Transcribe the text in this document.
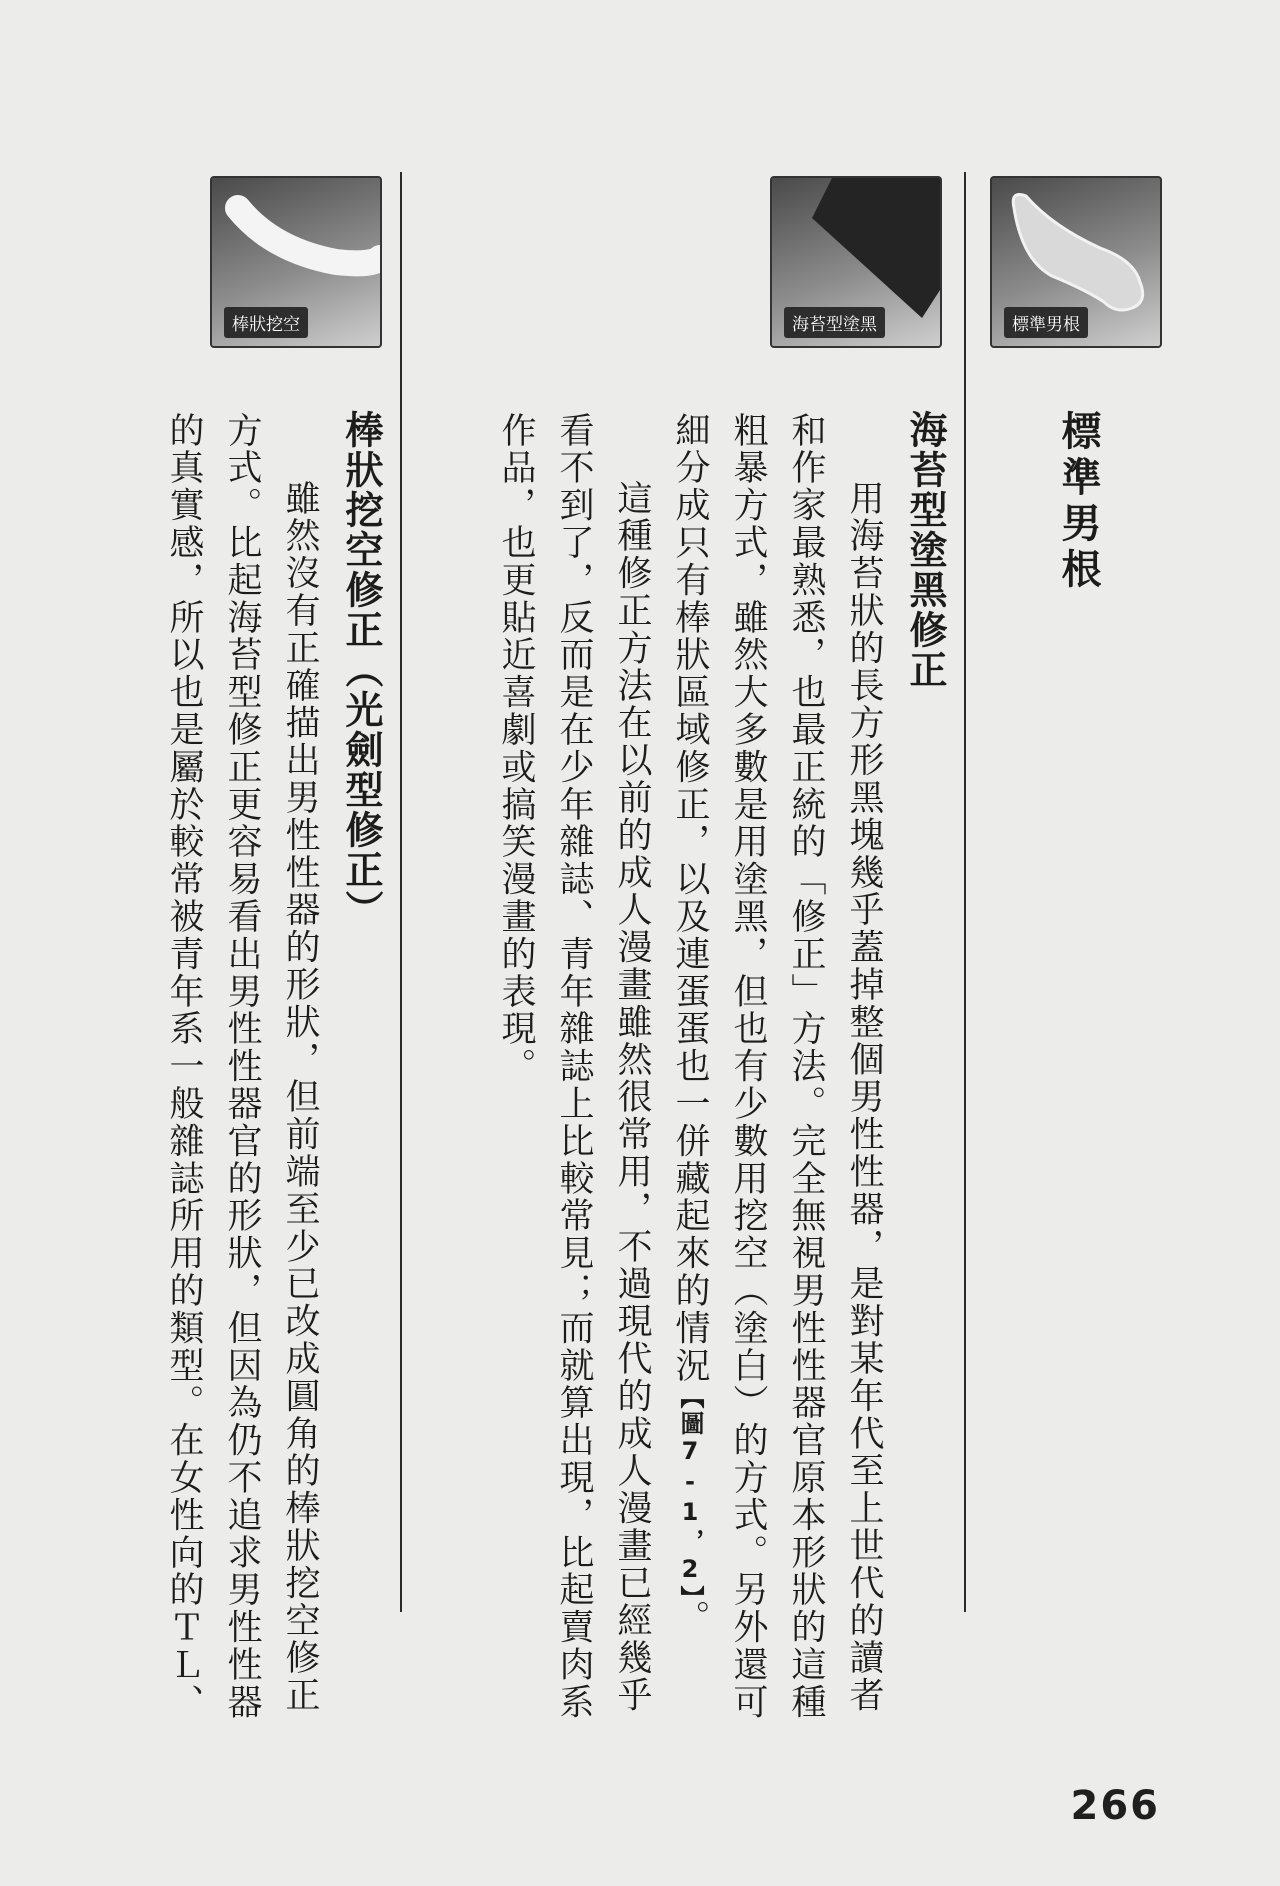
標準男根
海苔型塗黑
棒狀挖空
標準男根
海苔型塗黑修正
用海苔狀的長方形黑塊幾乎蓋掉整個男性性器，是對某年代至上世代的讀者
和作家最熟悉，也最正統的「修正」方法。完全無視男性性器官原本形狀的這種
粗暴方式，雖然大多數是用塗黑，但也有少數用挖空（塗白）的方式。另外還可
細分成只有棒狀區域修正，以及連蛋蛋也一併藏起來的情況【圖7-1，2】。
這種修正方法在以前的成人漫畫雖然很常用，不過現代的成人漫畫已經幾乎
看不到了，反而是在少年雜誌、青年雜誌上比較常見；而就算出現，比起賣肉系
作品，也更貼近喜劇或搞笑漫畫的表現。
棒狀挖空修正（光劍型修正）
雖然沒有正確描出男性性器的形狀，但前端至少已改成圓角的棒狀挖空修正
方式。比起海苔型修正更容易看出男性性器官的形狀，但因為仍不追求男性性器
的真實感，所以也是屬於較常被青年系一般雜誌所用的類型。在女性向的ＴＬ、
266
